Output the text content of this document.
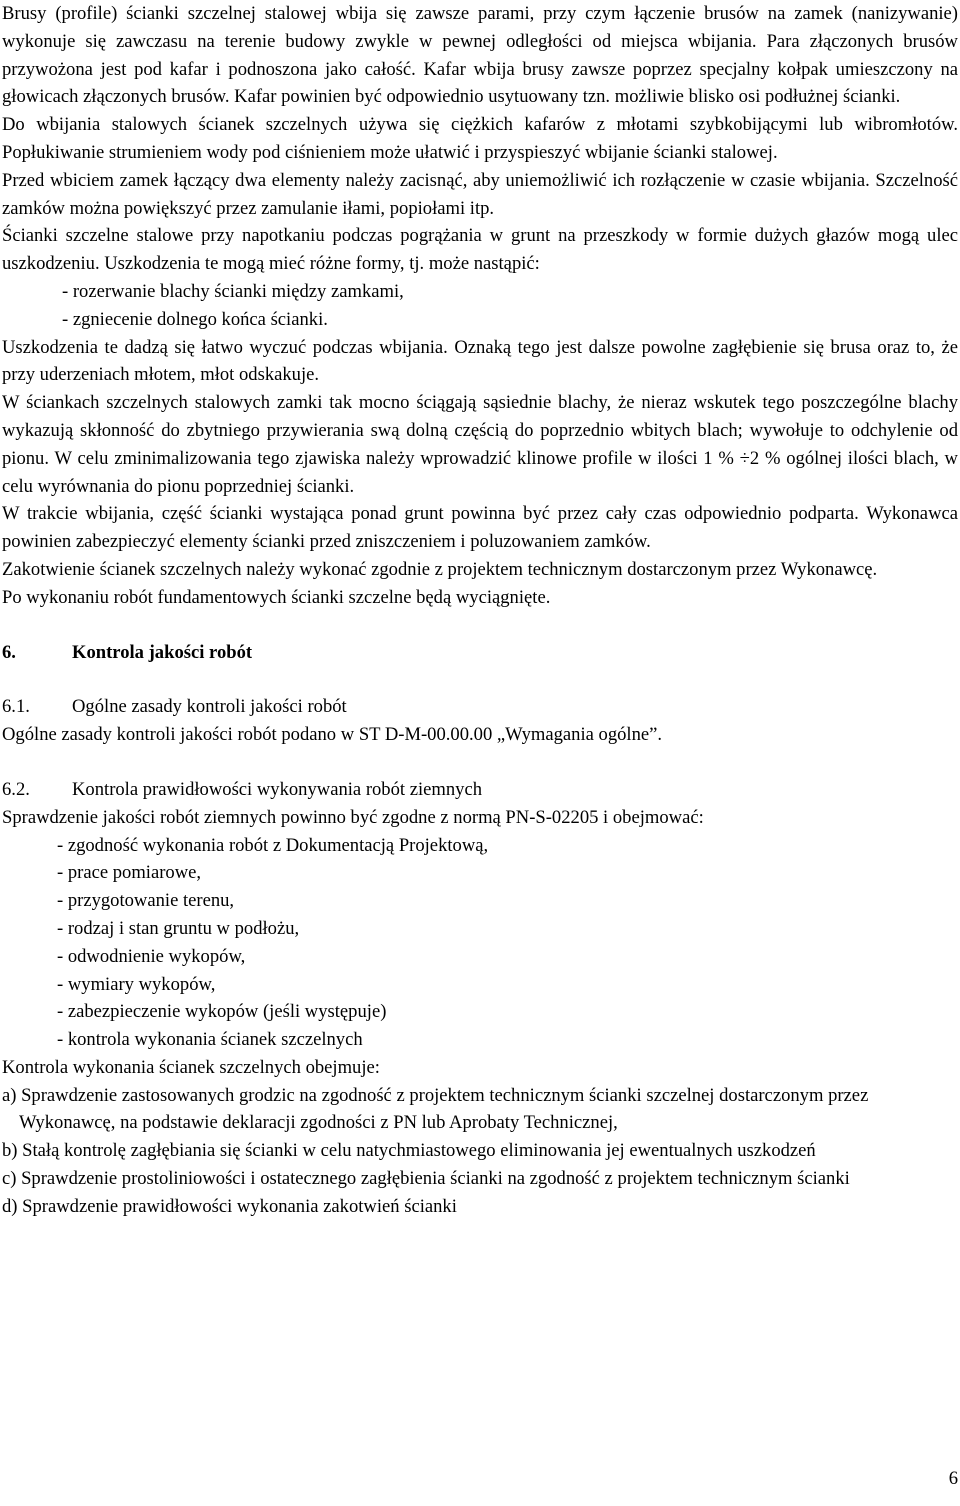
Brusy (profile) ścianki szczelnej stalowej wbija się zawsze parami, przy czym łączenie brusów na zamek (nanizywanie) wykonuje się zawczasu na terenie budowy zwykle w pewnej odległości od miejsca wbijania. Para złączonych brusów przywożona jest pod kafar i podnoszona jako całość. Kafar wbija brusy zawsze poprzez specjalny kołpak umieszczony na głowicach złączonych brusów. Kafar powinien być odpowiednio usytuowany tzn. możliwie blisko osi podłużnej ścianki.

Do wbijania stalowych ścianek szczelnych używa się ciężkich kafarów z młotami szybkobijącymi lub wibromłotów. Popłukiwanie strumieniem wody pod ciśnieniem może ułatwić i przyspieszyć wbijanie ścianki stalowej.

Przed wbiciem zamek łączący dwa elementy należy zacisnąć, aby uniemożliwić ich rozłączenie w czasie wbijania. Szczelność zamków można powiększyć przez zamulanie iłami, popiołami itp.

Ścianki szczelne stalowe przy napotkaniu podczas pogrążania w grunt na przeszkody w formie dużych głazów mogą ulec uszkodzeniu. Uszkodzenia te mogą mieć różne formy, tj. może nastąpić:

- rozerwanie blachy ścianki między zamkami,

- zgniecenie dolnego końca ścianki.

Uszkodzenia te dadzą się łatwo wyczuć podczas wbijania. Oznaką tego jest dalsze powolne zagłębienie się brusa oraz to, że przy uderzeniach młotem, młot odskakuje.

W ściankach szczelnych stalowych zamki tak mocno ściągają sąsiednie blachy, że nieraz wskutek tego poszczególne blachy wykazują skłonność do zbytniego przywierania swą dolną częścią do poprzednio wbitych blach; wywołuje to odchylenie od pionu. W celu zminimalizowania tego zjawiska należy wprowadzić klinowe profile w ilości 1 % ÷2 % ogólnej ilości blach, w celu wyrównania do pionu poprzedniej ścianki.

W trakcie wbijania, część ścianki wystająca ponad grunt powinna być przez cały czas odpowiednio podparta. Wykonawca powinien zabezpieczyć elementy ścianki przed zniszczeniem i poluzowaniem zamków.

Zakotwienie ścianek szczelnych należy wykonać zgodnie z projektem technicznym dostarczonym przez Wykonawcę.

Po wykonaniu robót fundamentowych ścianki szczelne będą wyciągnięte.

6.	Kontrola jakości robót
6.1.	Ogólne zasady kontroli jakości robót

Ogólne zasady kontroli jakości robót podano w ST D-M-00.00.00 „Wymagania ogólne”.

6.2.	Kontrola prawidłowości wykonywania robót ziemnych

Sprawdzenie jakości robót ziemnych powinno być zgodne z normą PN-S-02205 i obejmować:

- zgodność wykonania robót z Dokumentacją Projektową,

- prace pomiarowe,

- przygotowanie terenu,

- rodzaj i stan gruntu w podłożu,

- odwodnienie wykopów,

- wymiary wykopów,

- zabezpieczenie wykopów (jeśli występuje)

- kontrola wykonania ścianek szczelnych

Kontrola wykonania ścianek szczelnych obejmuje:

a) Sprawdzenie zastosowanych grodzic na zgodność z projektem technicznym ścianki szczelnej dostarczonym przez Wykonawcę, na podstawie deklaracji zgodności z PN lub Aprobaty Technicznej,

b) Stałą kontrolę zagłębiania się ścianki w celu natychmiastowego eliminowania jej ewentualnych uszkodzeń

c) Sprawdzenie prostoliniowości i ostatecznego zagłębienia ścianki na zgodność z projektem technicznym ścianki

d) Sprawdzenie prawidłowości wykonania zakotwień ścianki

6
